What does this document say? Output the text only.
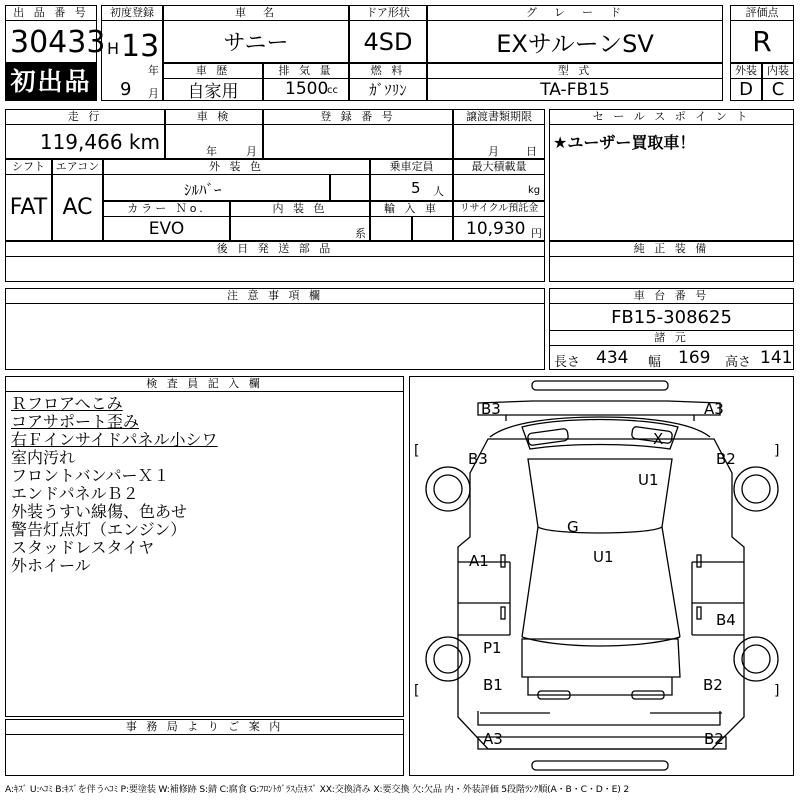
出 品 番 号
30433
初出品
初度登録
H 13
年
9 月
車　名
サニー
ドア形状
4SD
グ　レ　ー　ド
EXサルーンSV
評価点
R
車 歴
自家用
排 気 量
1500
cc
燃 料
ｶﾞｿﾘﾝ
型 式
TA-FB15
外装
D
内装
C
走 行
119,466 km
車 検
年	月
登 録 番 号	譲渡書類期限
月 日
シフト
FAT
エアコン
AC
外 装 色
ｼﾙﾊﾞｰ
乗車定員
5 人
最大積載量
kg
カラー Ｎo.
EVO
内 装 色
系
輸 入 車	リサイクル預託金
10,930 円
後 日 発 送 部 品
セ ー ル ス ポ イ ン ト
★ユーザー買取車！
純 正 装 備
注 意 事 項 欄	車 台 番 号
FB15-308625
諸 元
長さ 434 幅 169 高さ 141
検 査 員 記 入 欄
Ｒフロアへこみ
コアサポート歪み
右Ｆインサイドパネル小シワ
室内汚れ
フロントバンパーＸ１
エンドパネルＢ２
外装うすい線傷、色あせ
警告灯点灯（エンジン）
スタッドレスタイヤ
外ホイール
事 務 局 よ り ご 案 内
[	]
[	]
B3	A3
B3	B2
X
U1
G
U1
A1
B4
P1
B1	B2
A3	B2
A:ｷｽﾞ U:ﾍｺﾐ B:ｷｽﾞを伴うﾍｺﾐ P:要塗装 W:補修跡 S:錆 C:腐食 G:ﾌﾛﾝﾄｶﾞﾗｽ点ｷｽﾞ XX:交換済み X:要交換 欠:欠品 内・外装評価 5段階ﾗﾝｸ順(A・B・C・D・E) 2
